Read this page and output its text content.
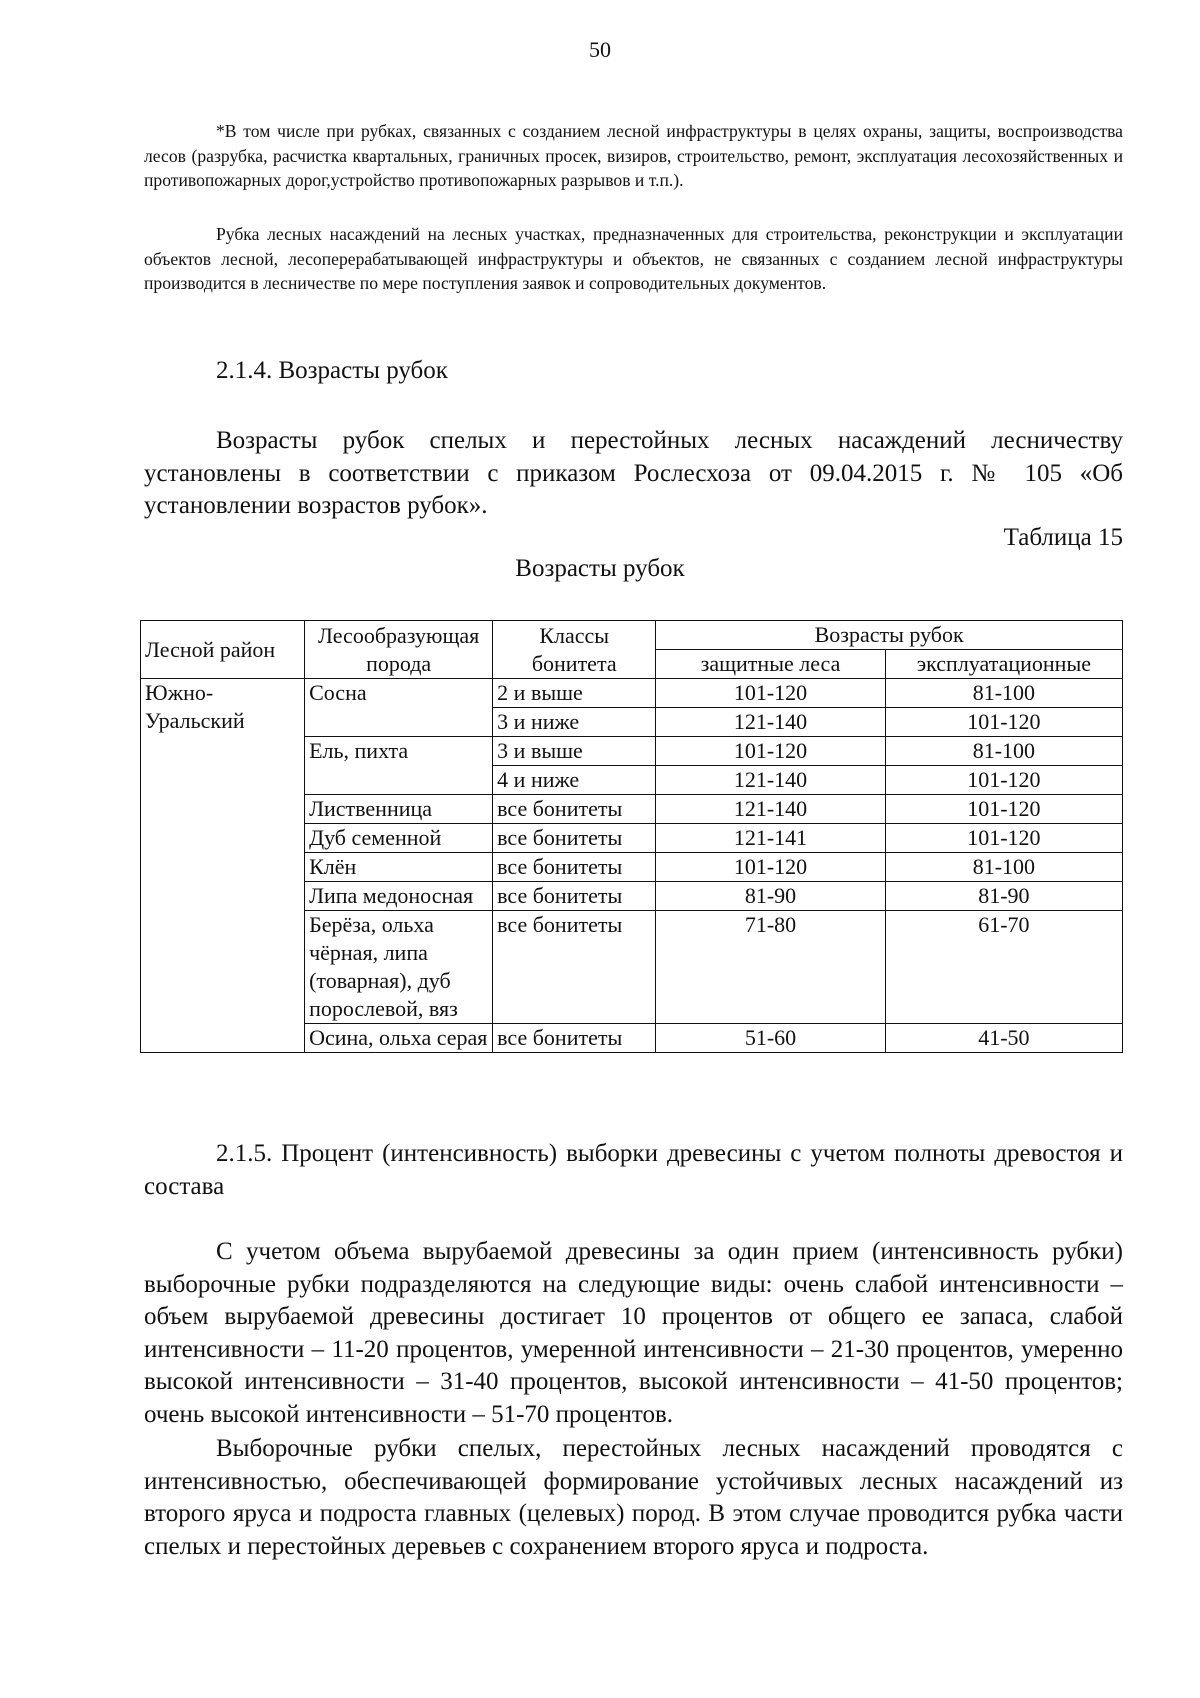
50

*В том числе при рубках, связанных с созданием лесной инфраструктуры в целях охраны, защиты, воспроизводства лесов (разрубка, расчистка квартальных, граничных просек, визиров, строительство, ремонт, эксплуатация лесохозяйственных и противопожарных дорог,устройство противопожарных разрывов и т.п.).

Рубка лесных насаждений на лесных участках, предназначенных для строительства, реконструкции и эксплуатации объектов лесной, лесоперерабатывающей инфраструктуры и объектов, не связанных с созданием лесной инфраструктуры производится в лесничестве по мере поступления заявок и сопроводительных документов.

2.1.4. Возрасты рубок

Возрасты рубок спелых и перестойных лесных насаждений лесничеству установлены в соответствии с приказом Рослесхоза от 09.04.2015 г. № 105 «Об установлении возрастов рубок».

Таблица 15
Возрасты рубок
Лесной район	Лесообразующая порода	Классы бонитета	Возрасты рубок	
			защитные леса	эксплуатационные
Южно-Уральский	Сосна	2 и выше	101-120	81-100
		3 и ниже	121-140	101-120
	Ель, пихта	3 и выше	101-120	81-100
		4 и ниже	121-140	101-120
	Лиственница	все бонитеты	121-140	101-120
	Дуб семенной	все бонитеты	121-141	101-120
	Клён	все бонитеты	101-120	81-100
	Липа медоносная	все бонитеты	81-90	81-90
	Берёза, ольха чёрная, липа (товарная), дуб порослевой, вяз	все бонитеты	71-80	61-70
	Осина, ольха серая	все бонитеты	51-60	41-50
2.1.5. Процент (интенсивность) выборки древесины с учетом полноты древостоя и состава

С учетом объема вырубаемой древесины за один прием (интенсивность рубки) выборочные рубки подразделяются на следующие виды: очень слабой интенсивности – объем вырубаемой древесины достигает 10 процентов от общего ее запаса, слабой интенсивности – 11-20 процентов, умеренной интенсивности – 21-30 процентов, умеренно высокой интенсивности – 31-40 процентов, высокой интенсивности – 41-50 процентов; очень высокой интенсивности – 51-70 процентов.

Выборочные рубки спелых, перестойных лесных насаждений проводятся с интенсивностью, обеспечивающей формирование устойчивых лесных насаждений из второго яруса и подроста главных (целевых) пород. В этом случае проводится рубка части спелых и перестойных деревьев с сохранением второго яруса и подроста.
